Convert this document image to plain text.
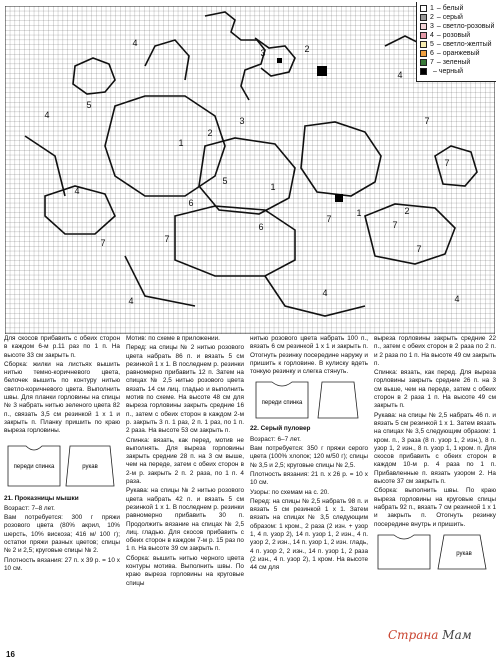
4
3	2
4
5
4
7
3
2
7
6
4
7
1
7
5
2
7
6
4
1
7
4
7
1
4
1 – белый
2 – серый
3 – светло-розовый
4 – розовый
5 – светло-желтый
6 – оранжевый
7 – зеленый
– черный

Для скосов прибавить с обеих сторон в каждом 6-м р.11 раз по 1 п. На высоте 33 см закрыть п.

Сборка: жилки на листьях вышить нитью темно-коричневого цвета, белочек вышить по контуру нитью светло-коричневого цвета. Выполнить швы. Для планки горловины на спицы № 3 набрать нитью зеленого цвета 82 п., связать 3,5 см резинкой 1 х 1 и закрыть п. Планку пришить по краю выреза горловины.

переди спинка	рукав

21. Проказницы мышки

Возраст: 7–8 лет.

Вам потребуется: 300 г пряжи розового цвета (80% акрил, 10% шерсть, 10% вискоза; 416 м/ 100 г); остатки пряжи разных цветов; спицы № 2 и 2,5; круговые спицы № 2.

Плотность вязания: 27 п. х 39 р. = 10 х 10 см.

Мотив: по схеме в приложении.

Перед: на спицы № 2 нитью розового цвета набрать 86 п. и вязать 5 см резинкой 1 х 1. В последнем р. резинки равномерно прибавить 12 п. Затем на спицах № 2,5 нитью розового цвета вязать 14 см лиц. гладью и выполнить мотив по схеме. На высоте 48 см для выреза горловины закрыть средние 16 п., затем с обеих сторон в каждом 2-м р. закрыть 3 п. 1 раз, 2 п. 1 раз, по 1 п. 2 раза. На высоте 53 см закрыть п.

Спинка: вязать, как перед, мотив не выполнять. Для выреза горловины закрыть средние 28 п. на 3 см выше, чем на переде, затем с обеих сторон в 2-м р. закрыть 2 п. 2 раза, по 1 п. 4 раза.

Рукава: на спицы № 2 нитью розового цвета набрать 42 п. и вязать 5 см резинкой 1 х 1. В последнем р. резинки равномерно прибавить 30 п. Продолжить вязание на спицах № 2,5 лиц. гладью. Для скосов прибавить с обеих сторон в каждом 7-м р. 15 раз по 1 п. На высоте 39 см закрыть п.

Сборка: вышить нитью черного цвета контуры мотива. Выполнить швы. По краю выреза горловины на круговые спицы

нитью розового цвета набрать 100 п., вязать 6 см резинкой 1 х 1 и закрыть п. Отогнуть резинку посередине наружу и пришить к горловине. В кулиску вдеть тонкую резинку и слегка стянуть.

переди спинка

22. Серый пуловер

Возраст: 6–7 лет.

Вам потребуется: 350 г пряжи серого цвета (100% хлопок; 120 м/50 г); спицы № 3,5 и 2,5; круговые спицы № 2,5.

Плотность вязания: 21 п. х 26 р. = 10 х 10 см.

Узоры: по схемам на с. 20.

Перед: на спицы № 2,5 набрать 98 п. и вязать 5 см резинкой 1 х 1. Затем вязать на спицах № 3,5 следующим образом: 1 кром., 2 раза (2 изн. + узор 1, 4 п. узор 2), 14 п. узор 1, 2 изн., 4 п. узор 2, 2 изн., 14 п. узор 1, 2 изн. гладь, 4 п. узор 2, 2 изн., 14 п. узор 1, 2 раза (2 изн., 4 п. узор 2), 1 кром. На высоте 44 см для

выреза горловины закрыть средние 22 п., затем с обеих сторон в 2 раза по 2 п. и 2 раза по 1 п. На высоте 49 см закрыть п.

Спинка: вязать, как перед. Для выреза горловины закрыть средние 26 п. на 3 см выше, чем на переде, затем с обеих сторон в 2 раза 1 п. На высоте 49 см закрыть п.

Рукава: на спицы № 2,5 набрать 46 п. и вязать 5 см резинкой 1 х 1. Затем вязать на спицах № 3,5 следующим образом: 1 кром. п., 3 раза (8 п. узор 1, 2 изн.), 8 п. узор 1, 2 изн., 8 п. узор 1, 1 кром. п. Для скосов прибавить с обеих сторон в каждом 10-м р. 4 раза по 1 п. Прибавленные п. вязать узором 2. На высоте 37 см закрыть п.

Сборка: выполнить швы. По краю выреза горловины на круговые спицы набрать 92 п., вязать 7 см резинкой 1 х 1 и закрыть п. Отогнуть резинку посередине внутрь и пришить.

рукав
16
Страна Мам
